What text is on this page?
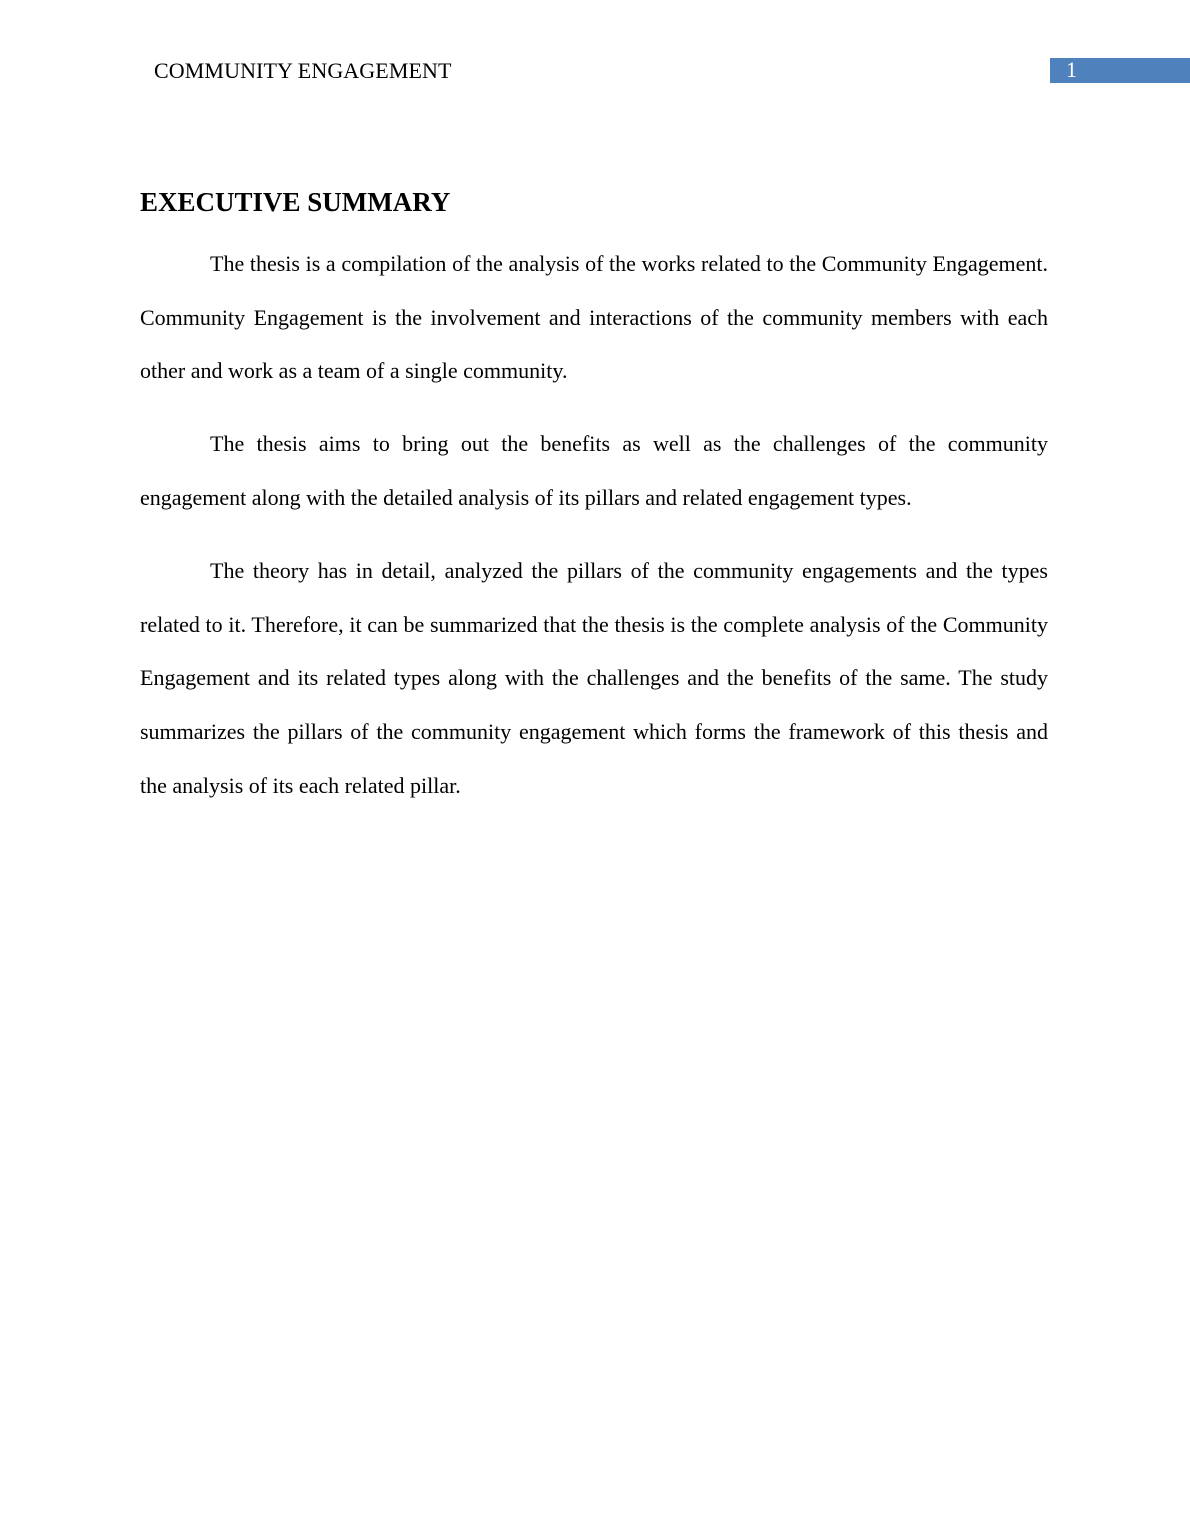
COMMUNITY ENGAGEMENT	1
EXECUTIVE SUMMARY

The thesis is a compilation of the analysis of the works related to the Community Engagement. Community Engagement is the involvement and interactions of the community members with each other and work as a team of a single community.

The thesis aims to bring out the benefits as well as the challenges of the community engagement along with the detailed analysis of its pillars and related engagement types.

The theory has in detail, analyzed the pillars of the community engagements and the types related to it. Therefore, it can be summarized that the thesis is the complete analysis of the Community Engagement and its related types along with the challenges and the benefits of the same. The study summarizes the pillars of the community engagement which forms the framework of this thesis and the analysis of its each related pillar.
